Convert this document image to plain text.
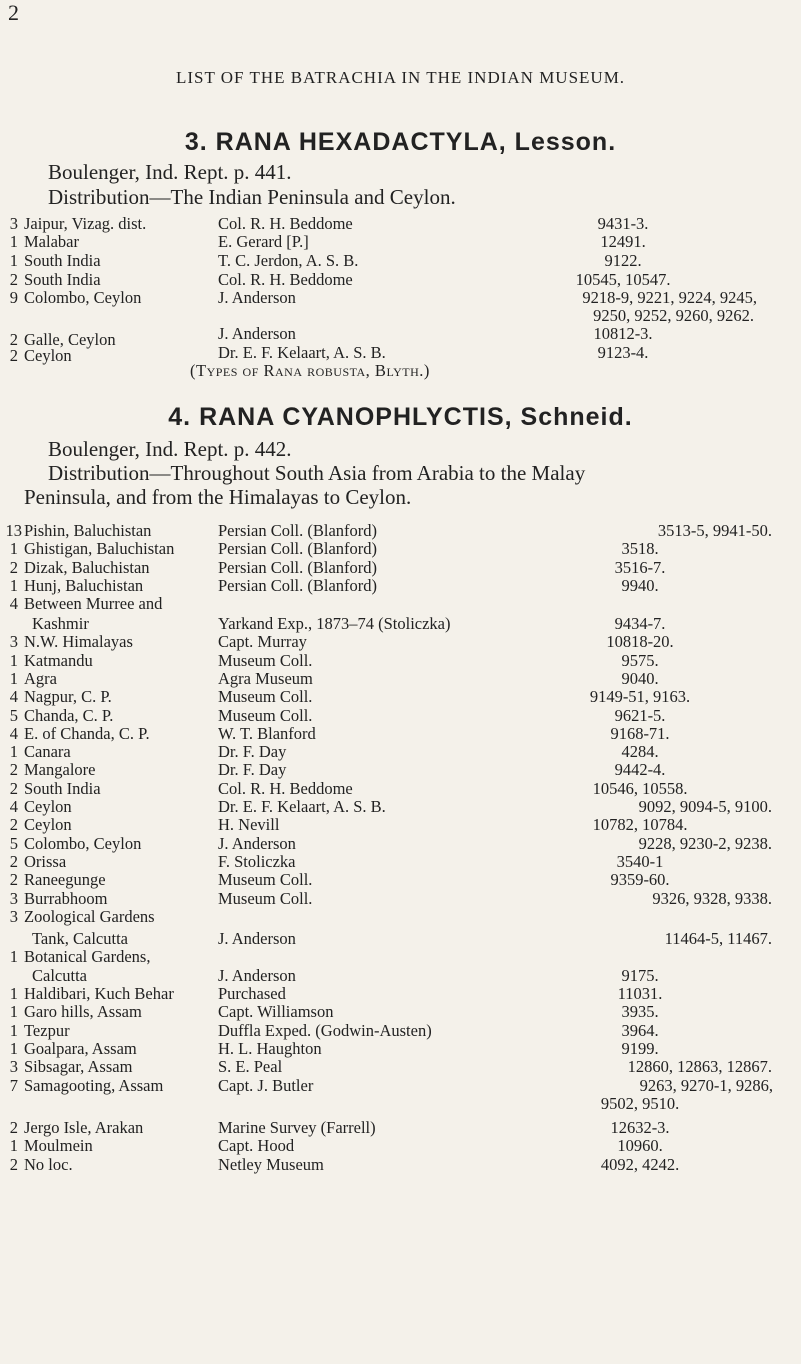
2
LIST OF THE BATRACHIA IN THE INDIAN MUSEUM.
3. RANA HEXADACTYLA, Lesson.
Boulenger, Ind. Rept. p. 441.
Distribution—The Indian Peninsula and Ceylon.
3 Jaipur, Vizag. dist.	Col. R. H. Beddome	9431-3.
1 Malabar	E. Gerard [P.]	12491.
1 South India	T. C. Jerdon, A. S. B.	9122.
2 South India	Col. R. H. Beddome	10545, 10547.
9 Colombo, Ceylon	J. Anderson	9218-9, 9221, 9224, 9245,
9250, 9252, 9260, 9262.
2 Galle, Ceylon	J. Anderson	10812-3.
2 Ceylon	Dr. E. F. Kelaart, A. S. B.	9123-4.
(Types of Rana robusta, Blyth.)
4. RANA CYANOPHLYCTIS, Schneid.
Boulenger, Ind. Rept. p. 442.
Distribution—Throughout South Asia from Arabia to the Malay
Peninsula, and from the Himalayas to Ceylon.
13 Pishin, Baluchistan	Persian Coll. (Blanford)	3513-5, 9941-50.
1 Ghistigan, Baluchistan	Persian Coll. (Blanford)	3518.
2 Dizak, Baluchistan	Persian Coll. (Blanford)	3516-7.
1 Hunj, Baluchistan	Persian Coll. (Blanford)	9940.
4 Between Murree and
Kashmir	Yarkand Exp., 1873–74 (Stoliczka)	9434-7.
3 N.W. Himalayas	Capt. Murray	10818-20.
1 Katmandu	Museum Coll.	9575.
1 Agra	Agra Museum	9040.
4 Nagpur, C. P.	Museum Coll.	9149-51, 9163.
5 Chanda, C. P.	Museum Coll.	9621-5.
4 E. of Chanda, C. P.	W. T. Blanford	9168-71.
1 Canara	Dr. F. Day	4284.
2 Mangalore	Dr. F. Day	9442-4.
2 South India	Col. R. H. Beddome	10546, 10558.
4 Ceylon	Dr. E. F. Kelaart, A. S. B.	9092, 9094-5, 9100.
2 Ceylon	H. Nevill	10782, 10784.
5 Colombo, Ceylon	J. Anderson	9228, 9230-2, 9238.
2 Orissa	F. Stoliczka	3540-1
2 Raneegunge	Museum Coll.	9359-60.
3 Burrabhoom	Museum Coll.	9326, 9328, 9338.
3 Zoological Gardens
Tank, Calcutta	J. Anderson	11464-5, 11467.
1 Botanical Gardens,
Calcutta	J. Anderson	9175.
1 Haldibari, Kuch Behar	Purchased	11031.
1 Garo hills, Assam	Capt. Williamson	3935.
1 Tezpur	Duffla Exped. (Godwin-Austen)	3964.
1 Goalpara, Assam	H. L. Haughton	9199.
3 Sibsagar, Assam	S. E. Peal	12860, 12863, 12867.
7 Samagooting, Assam	Capt. J. Butler	9263, 9270-1, 9286,
9502, 9510.
2 Jergo Isle, Arakan	Marine Survey (Farrell)	12632-3.
1 Moulmein	Capt. Hood	10960.
2 No loc.	Netley Museum	4092, 4242.
